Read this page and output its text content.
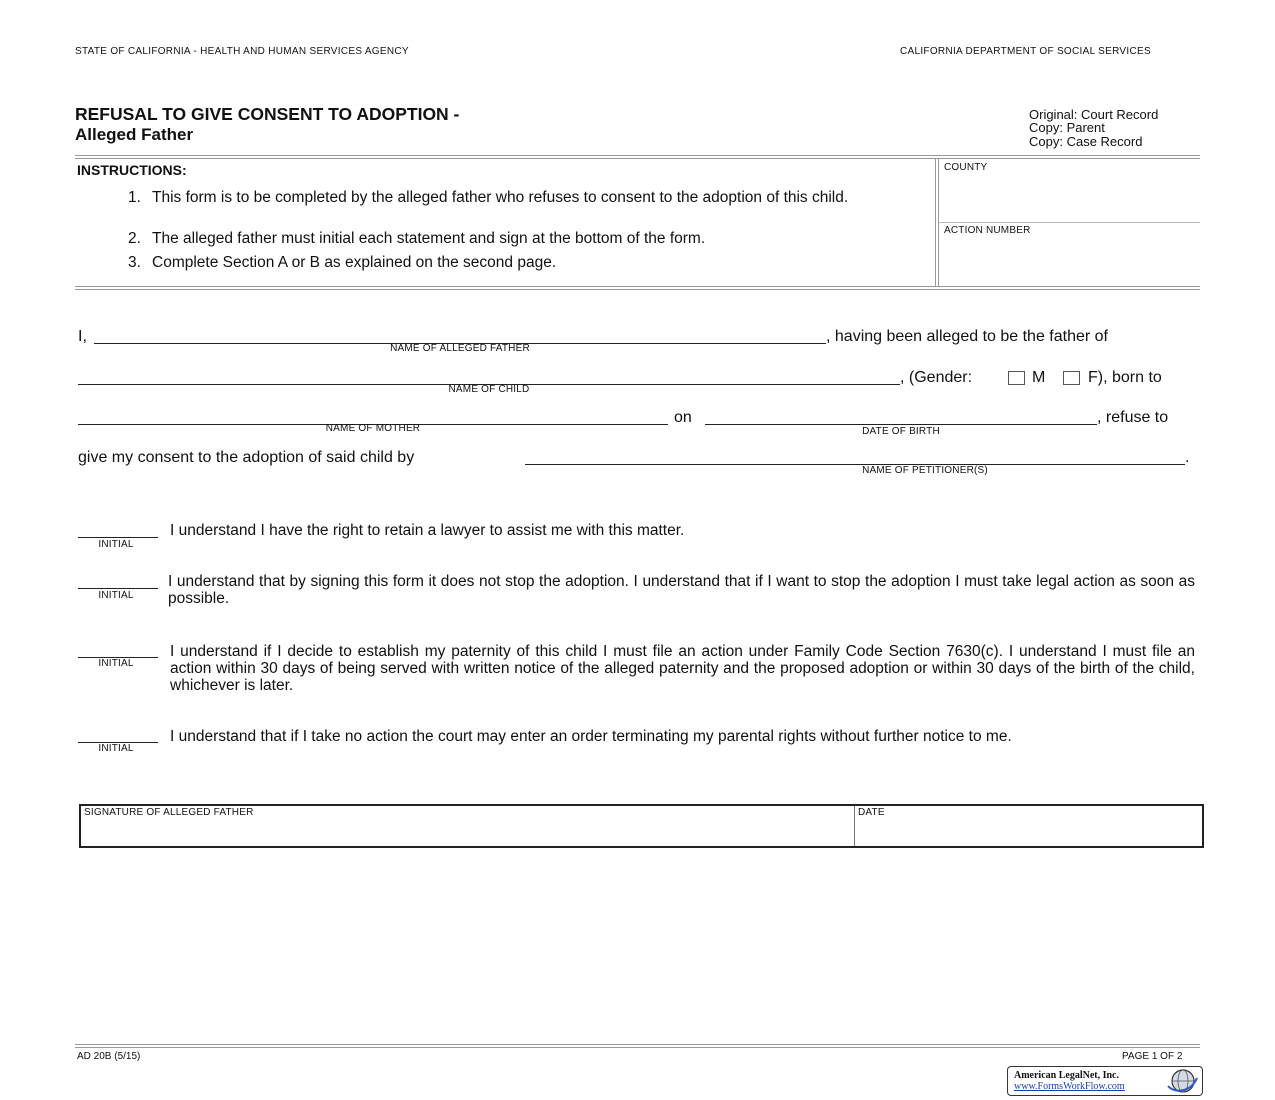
STATE OF CALIFORNIA - HEALTH AND HUMAN SERVICES AGENCY	CALIFORNIA DEPARTMENT OF SOCIAL SERVICES
REFUSAL TO GIVE CONSENT TO ADOPTION -
Alleged Father
Original: Court Record
Copy: Parent
Copy: Case Record
INSTRUCTIONS:
1. This form is to be completed by the alleged father who refuses to consent to the adoption of this child.
2. The alleged father must initial each statement and sign at the bottom of the form.
3. Complete Section A or B as explained on the second page.
COUNTY
ACTION NUMBER
I,
NAME OF ALLEGED FATHER
, having been alleged to be the father of
NAME OF CHILD
, (Gender:	M	F), born to
NAME OF MOTHER
on
DATE OF BIRTH
, refuse to
give my consent to the adoption of said child by
NAME OF PETITIONER(S)
.
INITIAL
I understand I have the right to retain a lawyer to assist me with this matter.
INITIAL
I understand that by signing this form it does not stop the adoption. I understand that if I want to stop the adoption I must take legal action as soon as possible.
INITIAL
I understand if I decide to establish my paternity of this child I must file an action under Family Code Section 7630(c). I understand I must file an action within 30 days of being served with written notice of the alleged paternity and the proposed adoption or within 30 days of the birth of the child, whichever is later.
INITIAL
I understand that if I take no action the court may enter an order terminating my parental rights without further notice to me.
SIGNATURE OF ALLEGED FATHER	DATE
AD 20B (5/15)	PAGE 1 OF 2
American LegalNet, Inc.
www.FormsWorkFlow.com
